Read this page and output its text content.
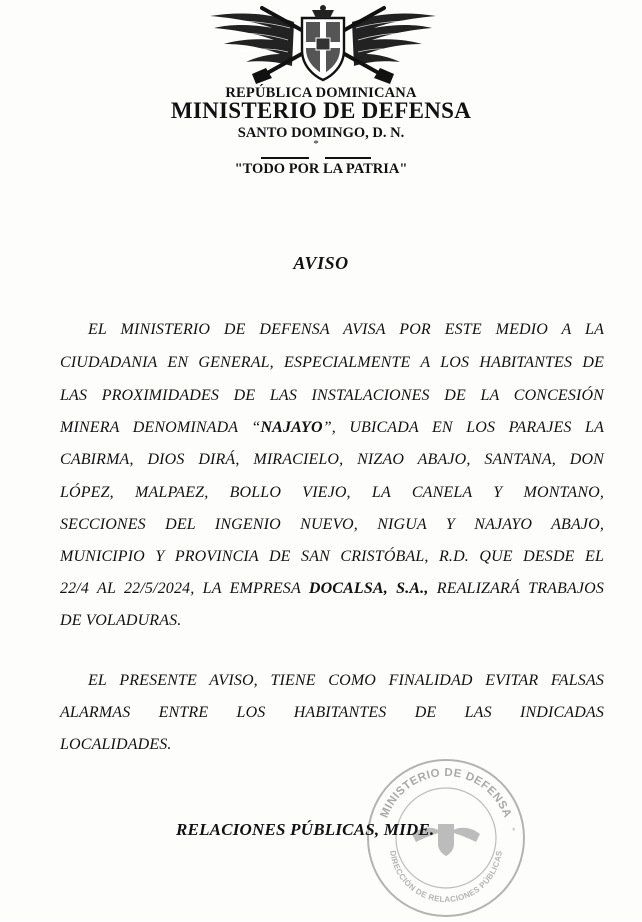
REPÚBLICA DOMINICANA
MINISTERIO DE DEFENSA
SANTO DOMINGO, D. N.
*
"TODO POR LA PATRIA"
AVISO
EL MINISTERIO DE DEFENSA AVISA POR ESTE MEDIO A LA
CIUDADANIA EN GENERAL, ESPECIALMENTE A LOS HABITANTES DE
LAS PROXIMIDADES DE LAS INSTALACIONES DE LA CONCESIÓN
MINERA DENOMINADA “NAJAYO”, UBICADA EN LOS PARAJES LA
CABIRMA, DIOS DIRÁ, MIRACIELO, NIZAO ABAJO, SANTANA, DON
LÓPEZ, MALPAEZ, BOLLO VIEJO, LA CANELA Y MONTANO,
SECCIONES DEL INGENIO NUEVO, NIGUA Y NAJAYO ABAJO,
MUNICIPIO Y PROVINCIA DE SAN CRISTÓBAL, R.D. QUE DESDE EL
22/4 AL 22/5/2024, LA EMPRESA DOCALSA, S.A., REALIZARÁ TRABAJOS
DE VOLADURAS.
EL PRESENTE AVISO, TIENE COMO FINALIDAD EVITAR FALSAS
ALARMAS ENTRE LOS HABITANTES DE LAS INDICADAS
LOCALIDADES.
MINISTERIO DE DEFENSA
DIRECCIÓN DE RELACIONES PÚBLICAS
*
RELACIONES PÚBLICAS, MIDE.
